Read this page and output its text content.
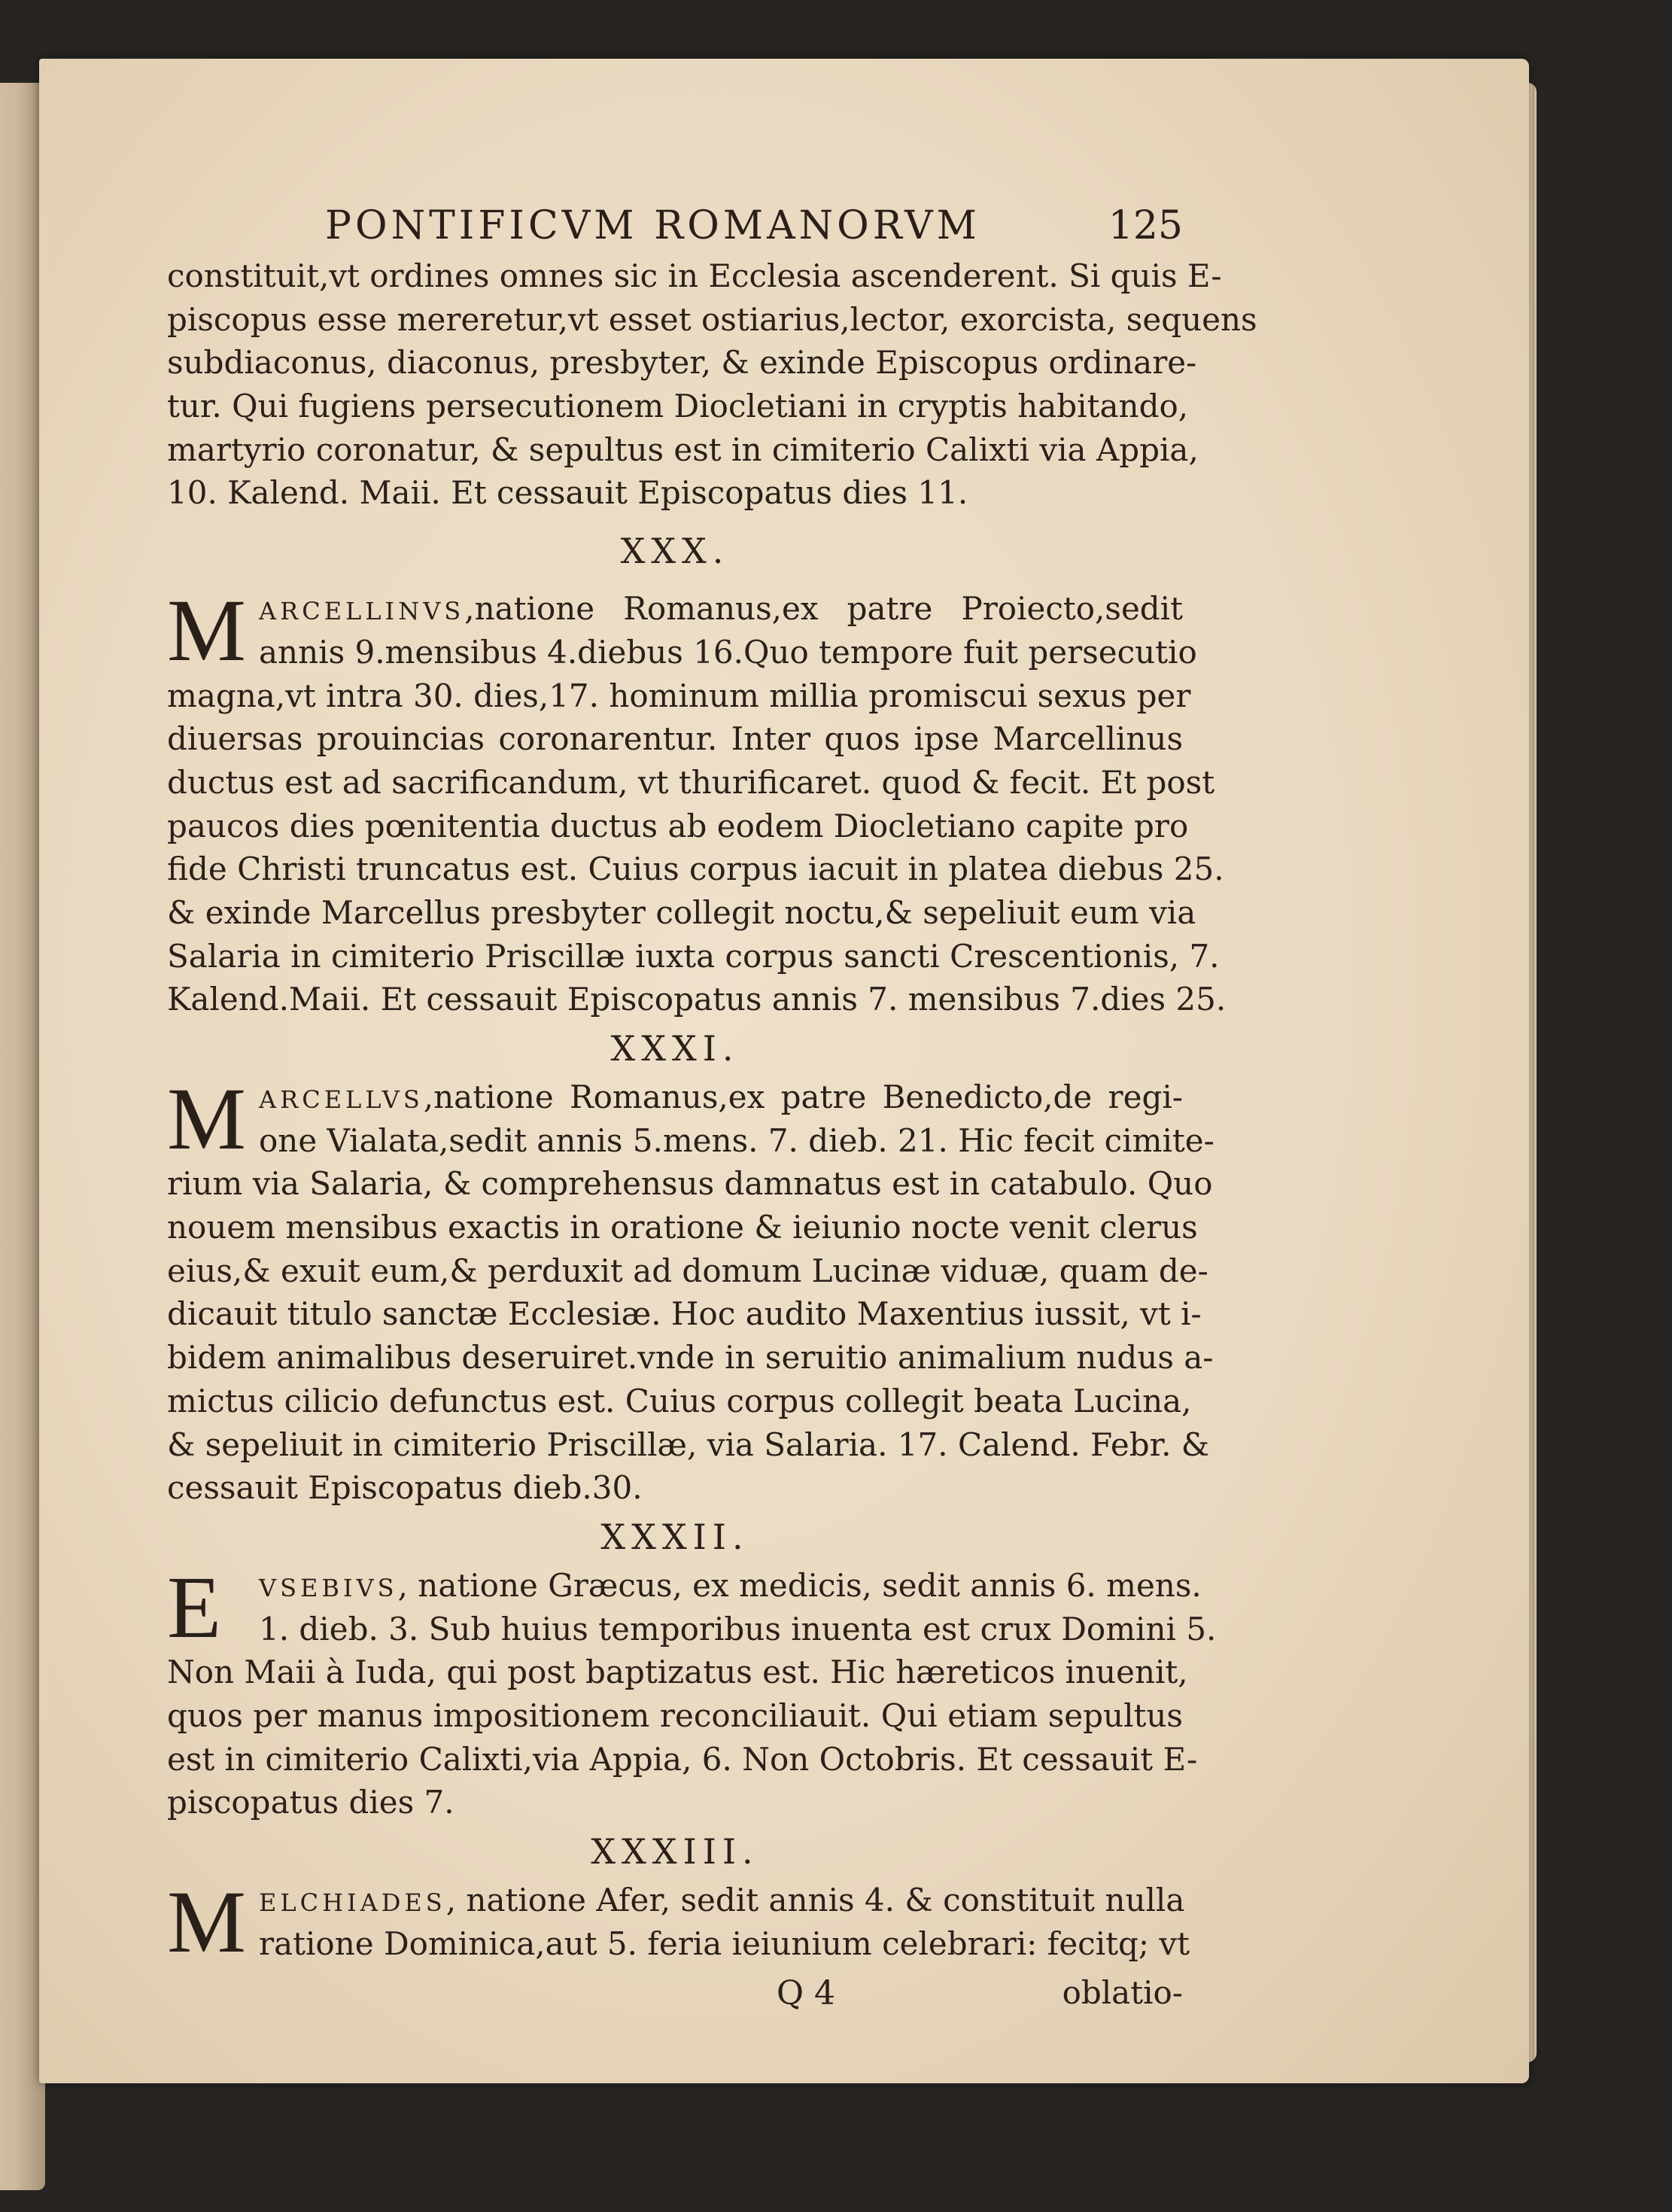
PONTIFICVM ROMANORVM	125
constituit,vt ordines omnes sic in Ecclesia ascenderent. Si quis E-
piscopus esse mereretur,vt esset ostiarius,lector, exorcista, sequens
subdiaconus, diaconus, presbyter, & exinde Episcopus ordinare-
tur. Qui fugiens persecutionem Diocletiani in cryptis habitando,
martyrio coronatur, & sepultus est in cimiterio Calixti via Appia,
10. Kalend. Maii. Et cessauit Episcopatus dies 11.
XXX.
M ARCELLINVS,natione Romanus,ex patre Proiecto,sedit
annis 9.mensibus 4.diebus 16.Quo tempore fuit persecutio
magna,vt intra 30. dies,17. hominum millia promiscui sexus per
diuersas prouincias coronarentur. Inter quos ipse Marcellinus
ductus est ad sacrificandum, vt thurificaret. quod & fecit. Et post
paucos dies pœnitentia ductus ab eodem Diocletiano capite pro
fide Christi truncatus est. Cuius corpus iacuit in platea diebus 25.
& exinde Marcellus presbyter collegit noctu,& sepeliuit eum via
Salaria in cimiterio Priscillæ iuxta corpus sancti Crescentionis, 7.
Kalend.Maii. Et cessauit Episcopatus annis 7. mensibus 7.dies 25.
XXXI.
M ARCELLVS,natione Romanus,ex patre Benedicto,de regi-
one Vialata,sedit annis 5.mens. 7. dieb. 21. Hic fecit cimite-
rium via Salaria, & comprehensus damnatus est in catabulo. Quo
nouem mensibus exactis in oratione & ieiunio nocte venit clerus
eius,& exuit eum,& perduxit ad domum Lucinæ viduæ, quam de-
dicauit titulo sanctæ Ecclesiæ. Hoc audito Maxentius iussit, vt i-
bidem animalibus deseruiret.vnde in seruitio animalium nudus a-
mictus cilicio defunctus est. Cuius corpus collegit beata Lucina,
& sepeliuit in cimiterio Priscillæ, via Salaria. 17. Calend. Febr. &
cessauit Episcopatus dieb.30.
XXXII.
E VSEBIVS, natione Græcus, ex medicis, sedit annis 6. mens.
1. dieb. 3. Sub huius temporibus inuenta est crux Domini 5.
Non Maii à Iuda, qui post baptizatus est. Hic hæreticos inuenit,
quos per manus impositionem reconciliauit. Qui etiam sepultus
est in cimiterio Calixti,via Appia, 6. Non Octobris. Et cessauit E-
piscopatus dies 7.
XXXIII.
M ELCHIADES, natione Afer, sedit annis 4. & constituit nulla
ratione Dominica,aut 5. feria ieiunium celebrari: fecitq; vt
Q 4	oblatio-
